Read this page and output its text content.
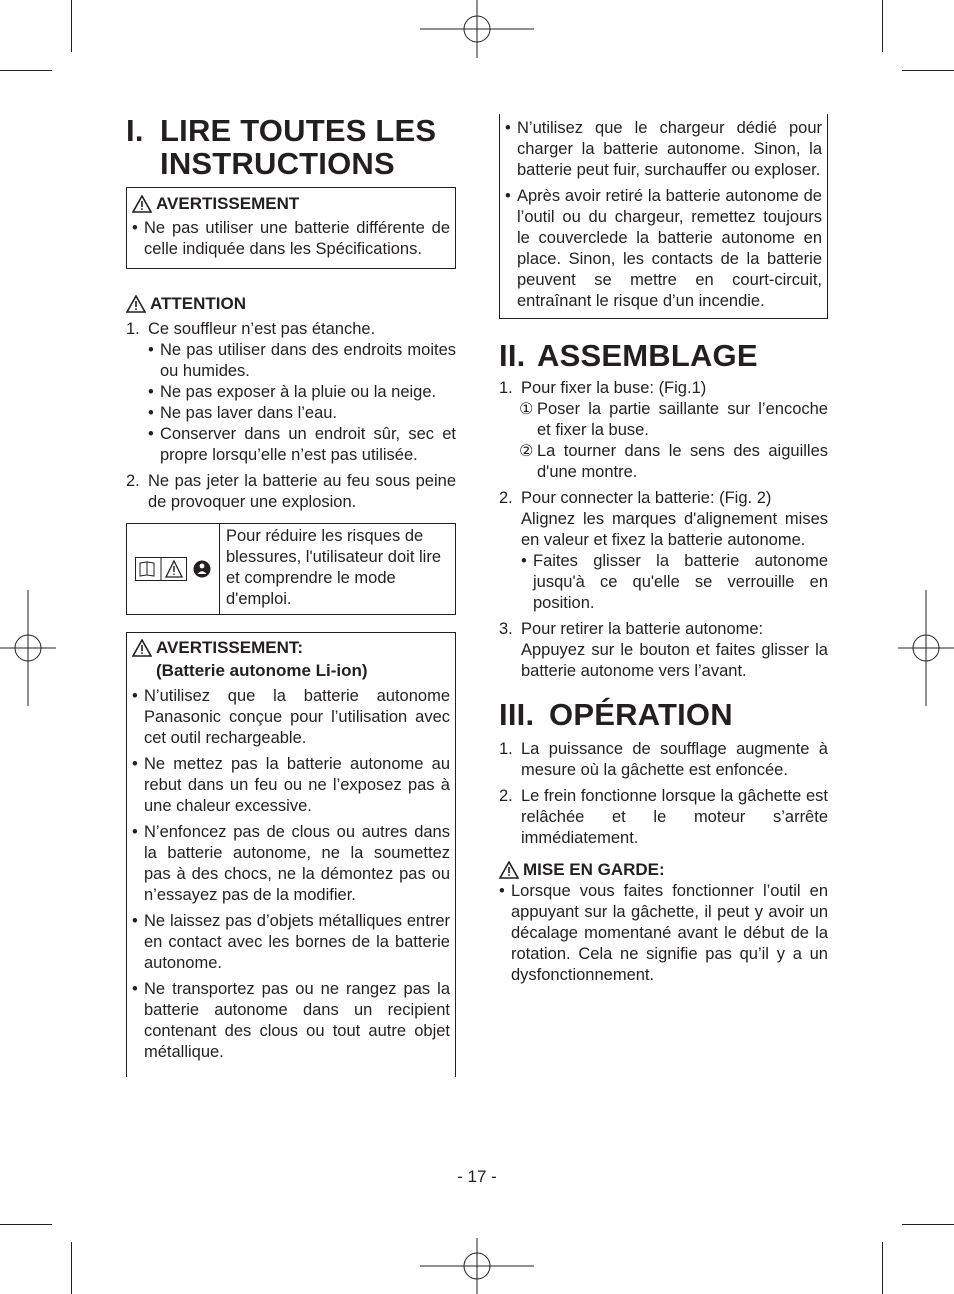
I. LIRE TOUTES LES INSTRUCTIONS
AVERTISSEMENT
• Ne pas utiliser une batterie différente de celle indiquée dans les Spécifications.
ATTENTION
1. Ce souffleur n’est pas étanche.
• Ne pas utiliser dans des endroits moites ou humides.
• Ne pas exposer à la pluie ou la neige.
• Ne pas laver dans l’eau.
• Conserver dans un endroit sûr, sec et propre lorsqu’elle n’est pas utilisée.
2. Ne pas jeter la batterie au feu sous peine de provoquer une explosion.
Pour réduire les risques de blessures, l'utilisateur doit lire et comprendre le mode d'emploi.
AVERTISSEMENT:
(Batterie autonome Li-ion)
• N’utilisez que la batterie autonome Panasonic conçue pour l’utilisation avec cet outil rechargeable.
• Ne mettez pas la batterie autonome au rebut dans un feu ou ne l’exposez pas à une chaleur excessive.
• N’enfoncez pas de clous ou autres dans la batterie autonome, ne la soumettez pas à des chocs, ne la démontez pas ou n’essayez pas de la modifier.
• Ne laissez pas d’objets métalliques entrer en contact avec les bornes de la batterie autonome.
• Ne transportez pas ou ne rangez pas la batterie autonome dans un recipient contenant des clous ou tout autre objet métallique.
• N’utilisez que le chargeur dédié pour charger la batterie autonome. Sinon, la batterie peut fuir, surchauffer ou exploser.
• Après avoir retiré la batterie autonome de l’outil ou du chargeur, remettez toujours le couverclede la batterie autonome en place. Sinon, les contacts de la batterie peuvent se mettre en court-circuit, entraînant le risque d’un incendie.
II. ASSEMBLAGE
1. Pour fixer la buse: (Fig.1)
① Poser la partie saillante sur l’encoche et fixer la buse.
② La tourner dans le sens des aiguilles d'une montre.
2. Pour connecter la batterie: (Fig. 2)
Alignez les marques d'alignement mises en valeur et fixez la batterie autonome.
• Faites glisser la batterie autonome jusqu'à ce qu'elle se verrouille en position.
3. Pour retirer la batterie autonome:
Appuyez sur le bouton et faites glisser la batterie autonome vers l’avant.
III. OPÉRATION
1. La puissance de soufflage augmente à mesure où la gâchette est enfoncée.
2. Le frein fonctionne lorsque la gâchette est relâchée et le moteur s’arrête immédiatement.
MISE EN GARDE:
• Lorsque vous faites fonctionner l’outil en appuyant sur la gâchette, il peut y avoir un décalage momentané avant le début de la rotation. Cela ne signifie pas qu’il y a un dysfonctionnement.
- 17 -
